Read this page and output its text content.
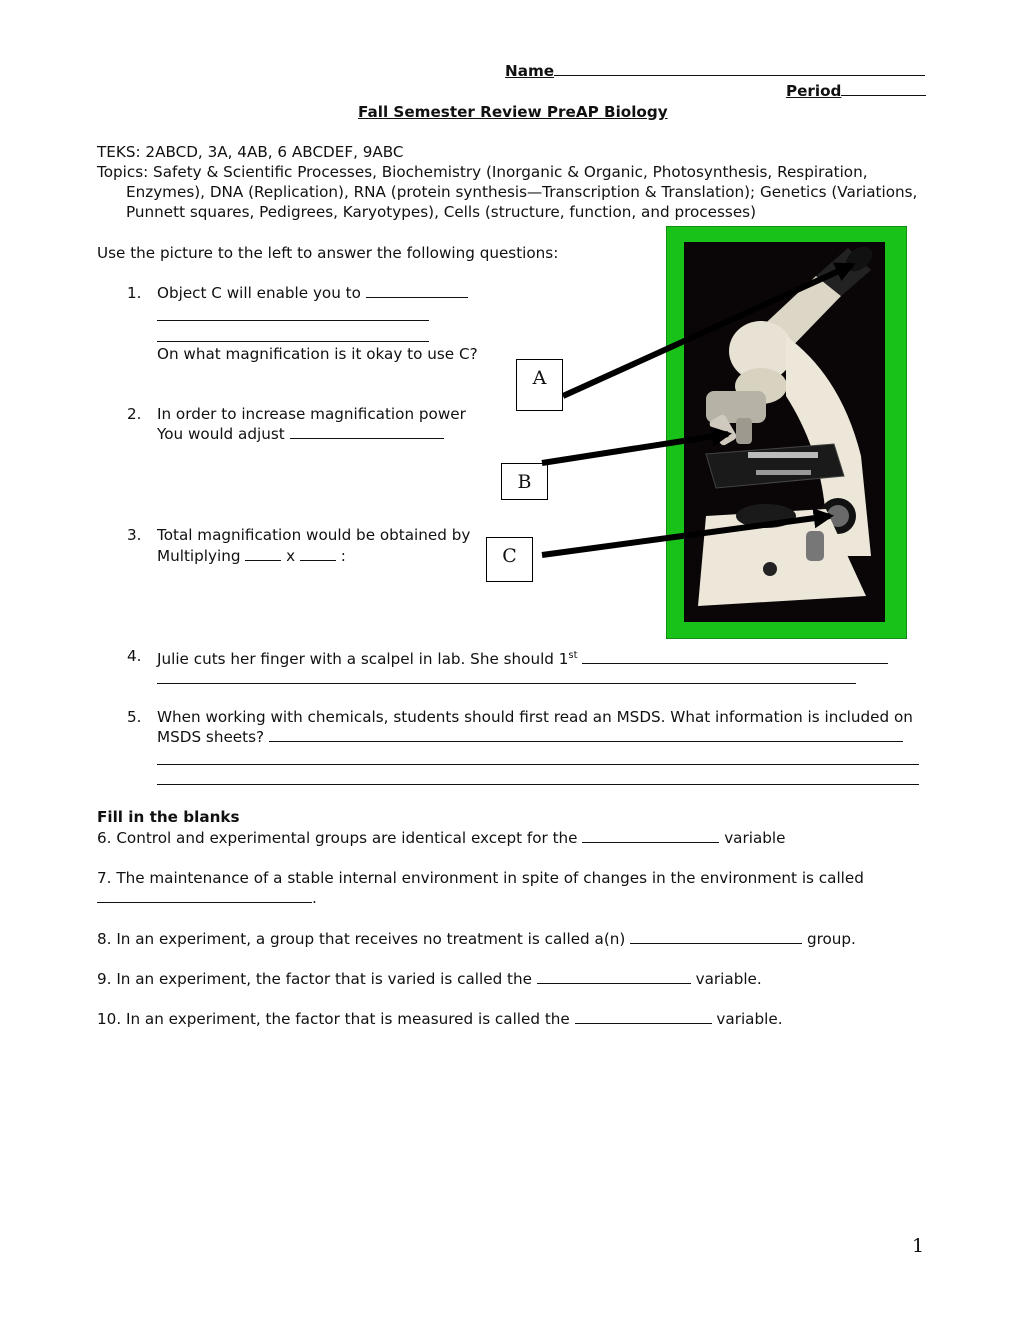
Name
Period
Fall Semester Review PreAP Biology
TEKS: 2ABCD, 3A, 4AB, 6 ABCDEF, 9ABC
Topics: Safety & Scientific Processes, Biochemistry (Inorganic & Organic, Photosynthesis, Respiration,
Enzymes), DNA (Replication), RNA (protein synthesis—Transcription & Translation); Genetics (Variations,
Punnett squares, Pedigrees, Karyotypes), Cells (structure, function, and processes)
Use the picture to the left to answer the following questions:
1. Object C will enable you to
On what magnification is it okay to use C?
2. In order to increase magnification power
You would adjust
3. Total magnification would be obtained by
Multiplying	x	:
A
B
C
4. Julie cuts her finger with a scalpel in lab. She should 1st
5. When working with chemicals, students should first read an MSDS. What information is included on
MSDS sheets?
Fill in the blanks
6. Control and experimental groups are identical except for the	variable
7. The maintenance of a stable internal environment in spite of changes in the environment is called
.
8. In an experiment, a group that receives no treatment is called a(n)	group.
9. In an experiment, the factor that is varied is called the	variable.
10. In an experiment, the factor that is measured is called the	variable.
1
